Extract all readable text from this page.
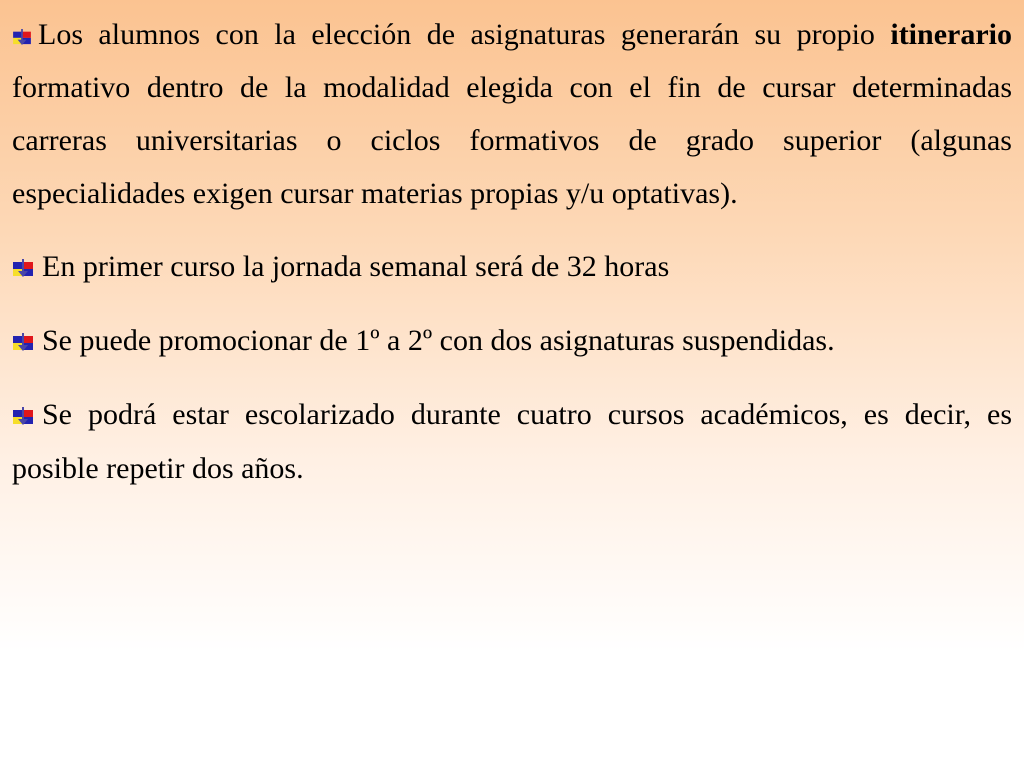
Los alumnos con la elección de asignaturas generarán su propio itinerario formativo dentro de la modalidad elegida con el fin de cursar determinadas carreras universitarias o ciclos formativos de grado superior (algunas especialidades exigen cursar materias propias y/u optativas).

En primer curso la jornada semanal será de 32 horas

Se puede promocionar de 1º a 2º con dos asignaturas suspendidas.

Se podrá estar escolarizado durante cuatro cursos académicos, es decir, es posible repetir dos años.
